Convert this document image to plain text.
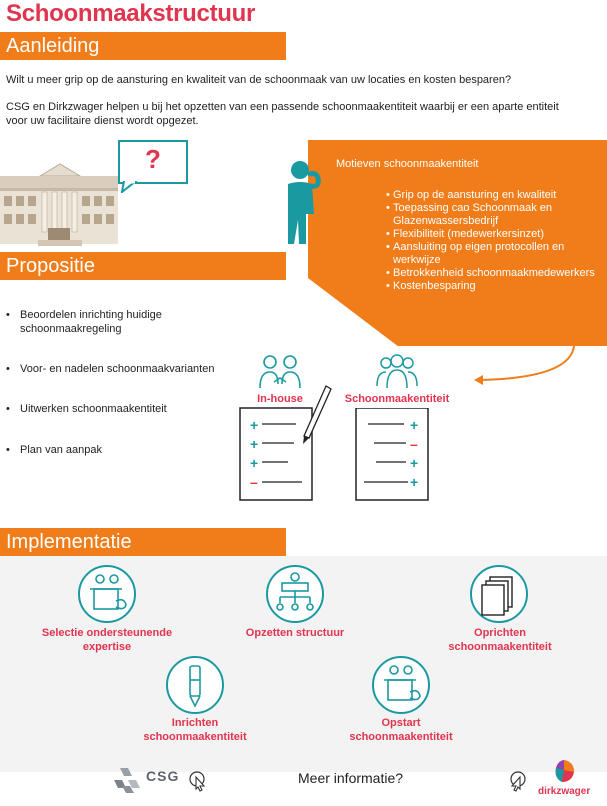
Schoonmaakstructuur
Aanleiding
Wilt u meer grip op de aansturing en kwaliteit van de schoonmaak van uw locaties en kosten besparen?
CSG en Dirkzwager helpen u bij het opzetten van een passende schoonmaakentiteit waarbij er een aparte entiteit voor uw facilitaire dienst wordt opgezet.
?	Motieven schoonmaakentiteit
• Grip op de aansturing en kwaliteit
• Toepassing cao Schoonmaak en Glazenwassersbedrijf
• Flexibiliteit (medewerkersinzet)
• Aansluiting op eigen protocollen en werkwijze
• Betrokkenheid schoonmaakmedewerkers
• Kostenbesparing
Propositie
• Beoordelen inrichting huidige schoonmaakregeling
• Voor- en nadelen schoonmaakvarianten
• Uitwerken schoonmaakentiteit
• Plan van aanpak
In-house	Schoonmaakentiteit
+
+
+
–
+
–
+
+
Implementatie
Selectie ondersteunende expertise
Opzetten structuur	Oprichten schoonmaakentiteit
Inrichten schoonmaakentiteit
Opstart schoonmaakentiteit
CSG	Meer informatie?
dirkzwager
